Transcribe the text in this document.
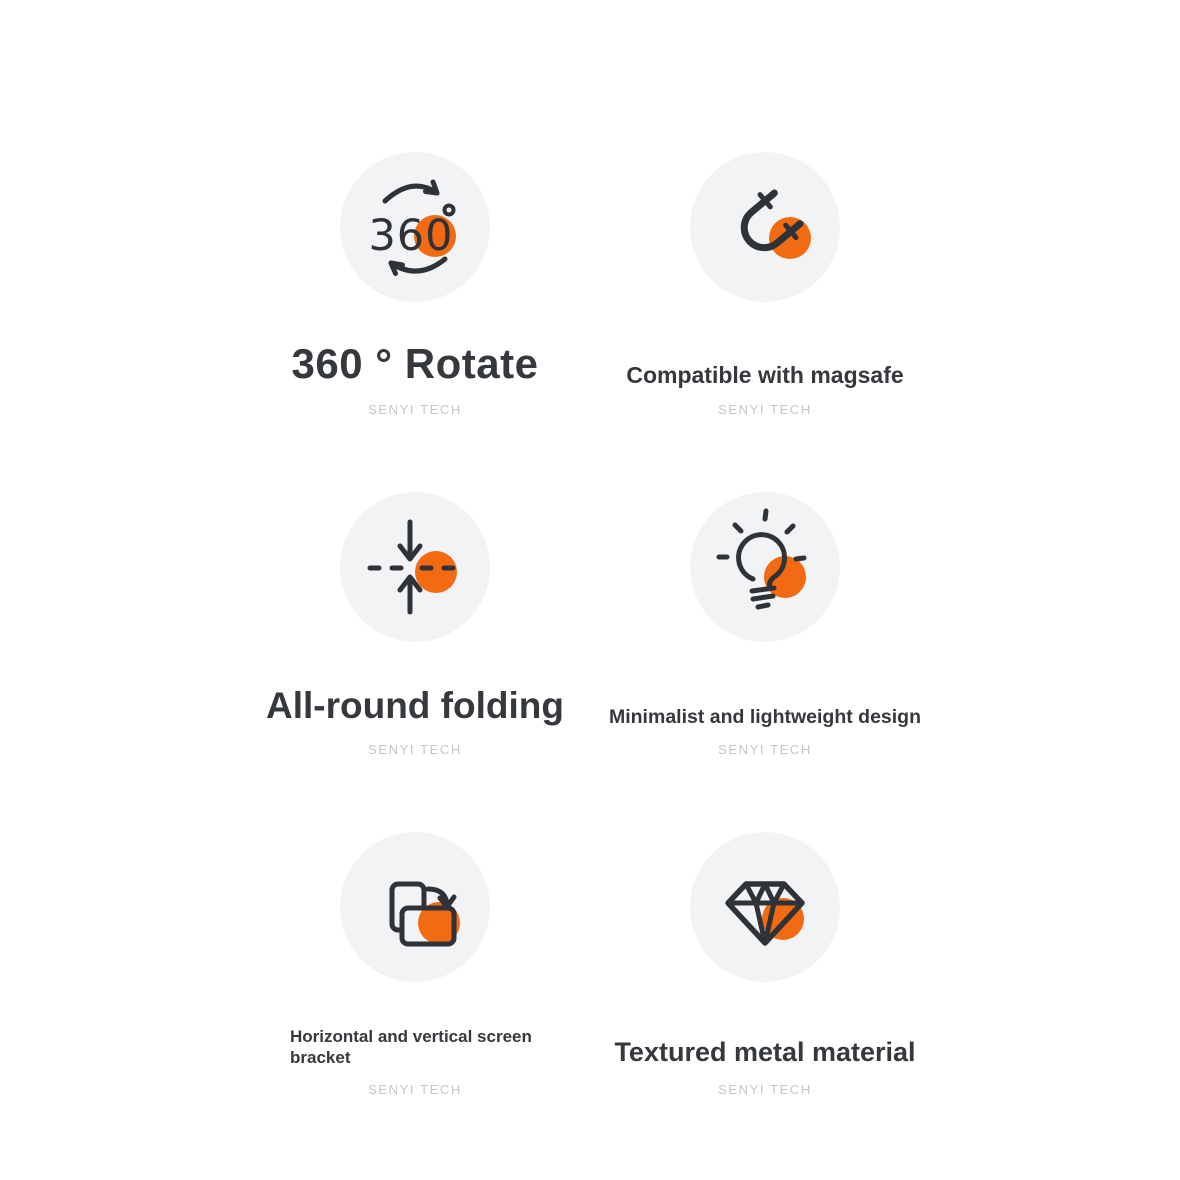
360
360 ° Rotate
SENYI TECH
Compatible with magsafe
SENYI TECH
All-round folding
SENYI TECH
Minimalist and lightweight design
SENYI TECH
Horizontal and vertical screen bracket
SENYI TECH
Textured metal material
SENYI TECH
